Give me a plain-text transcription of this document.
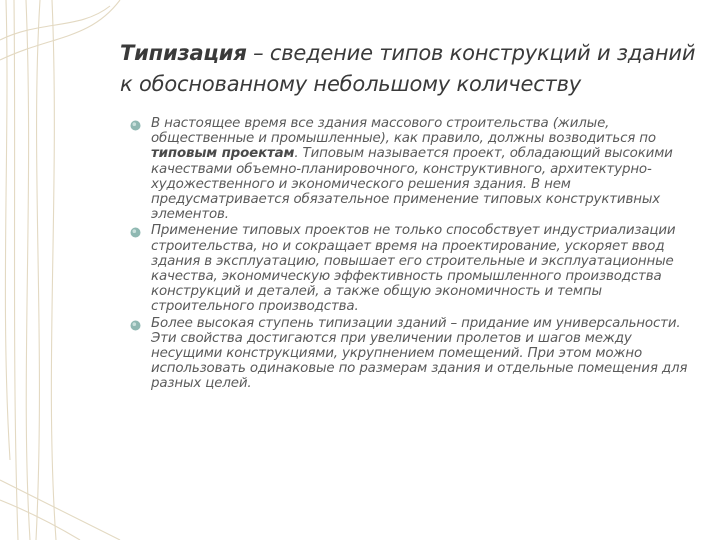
Типизация – сведение типов конструкций и зданий к обоснованному небольшому количеству
В настоящее время все здания массового строительства (жилые, общественные и промышленные), как правило, должны возводиться по типовым проектам. Типовым называется проект, обладающий высокими качествами объемно-планировочного, конструктивного, архитектурно-художественного и экономического решения здания. В нем предусматривается обязательное применение типовых конструктивных элементов.
Применение типовых проектов не только способствует индустриализации строительства, но и сокращает время на проектирование, ускоряет ввод здания в эксплуатацию, повышает его строительные и эксплуатационные качества, экономическую эффективность промышленного производства конструкций и деталей, а также общую экономичность и темпы строительного производства.
Более высокая ступень типизации зданий – придание им универсальности. Эти свойства достигаются при увеличении пролетов и шагов между несущими конструкциями, укрупнением помещений. При этом можно использовать одинаковые по размерам здания и отдельные помещения для разных целей.
